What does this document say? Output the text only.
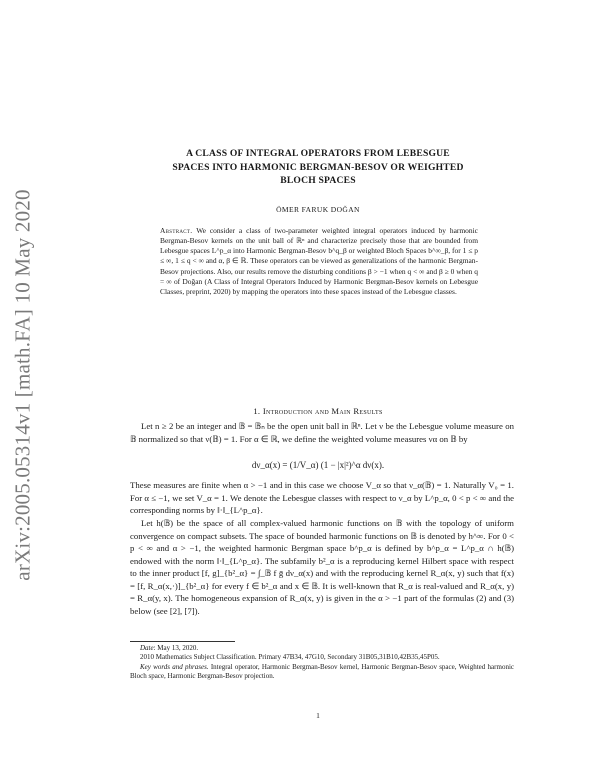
arXiv:2005.05314v1 [math.FA] 10 May 2020
A CLASS OF INTEGRAL OPERATORS FROM LEBESGUE
SPACES INTO HARMONIC BERGMAN-BESOV OR WEIGHTED
BLOCH SPACES
ÖMER FARUK DOĞAN
Abstract. We consider a class of two-parameter weighted integral operators induced by harmonic Bergman-Besov kernels on the unit ball of ℝⁿ and characterize precisely those that are bounded from Lebesgue spaces L^p_α into Harmonic Bergman-Besov b^q_β or weighted Bloch Spaces b^∞_β, for 1 ≤ p ≤ ∞, 1 ≤ q < ∞ and α, β ∈ ℝ. These operators can be viewed as generalizations of the harmonic Bergman-Besov projections. Also, our results remove the disturbing conditions β > −1 when q < ∞ and β ≥ 0 when q = ∞ of Doğan (A Class of Integral Operators Induced by Harmonic Bergman-Besov kernels on Lebesgue Classes, preprint, 2020) by mapping the operators into these spaces instead of the Lebesgue classes.
1. Introduction and Main Results
Let n ≥ 2 be an integer and 𝔹 = 𝔹ₙ be the open unit ball in ℝⁿ. Let ν be the Lebesgue volume measure on 𝔹 normalized so that ν(𝔹) = 1. For α ∈ ℝ, we define the weighted volume measures να on 𝔹 by
dν_α(x) = (1/V_α) (1 − |x|²)^α dν(x).
These measures are finite when α > −1 and in this case we choose V_α so that ν_α(𝔹) = 1. Naturally V₀ = 1. For α ≤ −1, we set V_α = 1. We denote the Lebesgue classes with respect to ν_α by L^p_α, 0 < p < ∞ and the corresponding norms by ‖·‖_{L^p_α}.
Let h(𝔹) be the space of all complex-valued harmonic functions on 𝔹 with the topology of uniform convergence on compact subsets. The space of bounded harmonic functions on 𝔹 is denoted by h^∞. For 0 < p < ∞ and α > −1, the weighted harmonic Bergman space b^p_α is defined by b^p_α = L^p_α ∩ h(𝔹) endowed with the norm ‖·‖_{L^p_α}. The subfamily b²_α is a reproducing kernel Hilbert space with respect to the inner product [f, g]_{b²_α} = ∫_𝔹 f ḡ dν_α(x) and with the reproducing kernel R_α(x, y) such that f(x) = [f, R_α(x,·)]_{b²_α} for every f ∈ b²_α and x ∈ 𝔹. It is well-known that R_α is real-valued and R_α(x, y) = R_α(y, x). The homogeneous expansion of R_α(x, y) is given in the α > −1 part of the formulas (2) and (3) below (see [2], [7]).

Date: May 13, 2020.

2010 Mathematics Subject Classification. Primary 47B34, 47G10, Secondary 31B05,31B10,42B35,45P05.

Key words and phrases. Integral operator, Harmonic Bergman-Besov kernel, Harmonic Bergman-Besov space, Weighted harmonic Bloch space, Harmonic Bergman-Besov projection.

1
